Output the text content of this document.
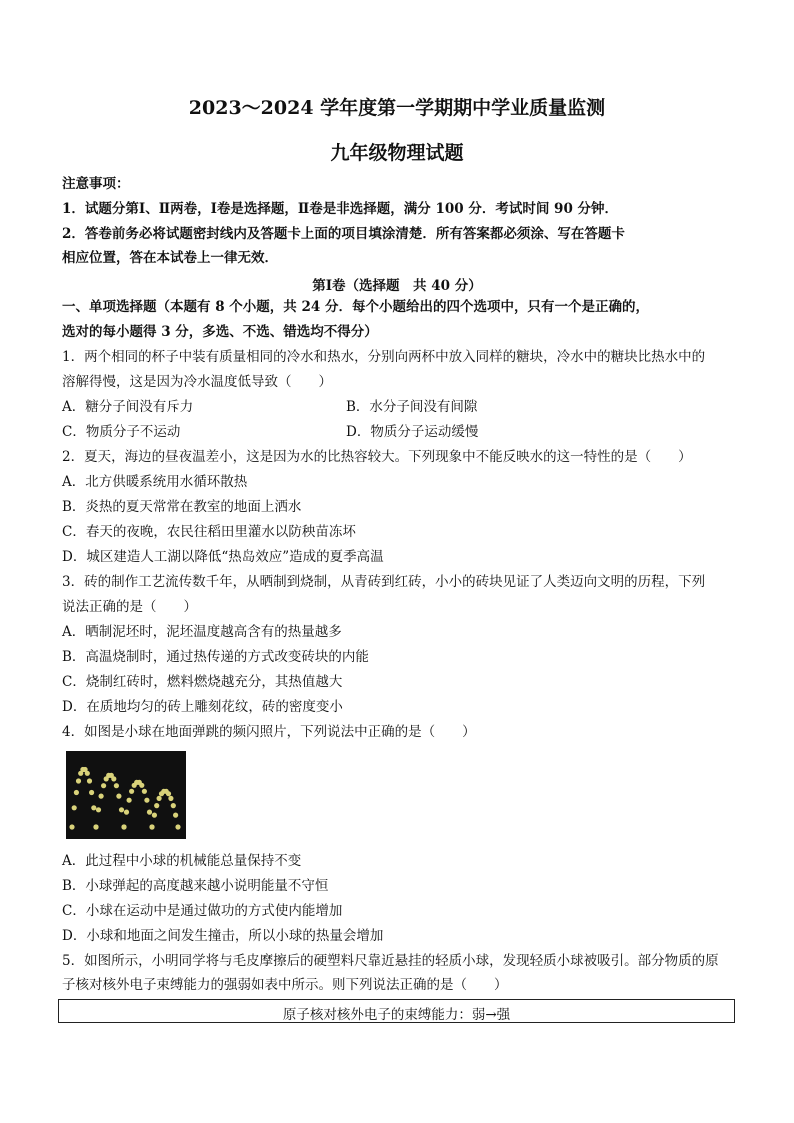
2023～2024 学年度第一学期期中学业质量监测
九年级物理试题
注意事项：
1．试题分第Ⅰ、Ⅱ两卷，Ⅰ卷是选择题，Ⅱ卷是非选择题，满分 100 分．考试时间 90 分钟．
2．答卷前务必将试题密封线内及答题卡上面的项目填涂清楚．所有答案都必须涂、写在答题卡
相应位置，答在本试卷上一律无效．
第Ⅰ卷（选择题　共 40 分）
一、单项选择题（本题有 8 个小题，共 24 分．每个小题给出的四个选项中，只有一个是正确的，
选对的每小题得 3 分，多选、不选、错选均不得分）
1．两个相同的杯子中装有质量相同的冷水和热水，分别向两杯中放入同样的糖块，冷水中的糖块比热水中的
溶解得慢，这是因为冷水温度低导致（　　）
A．糖分子间没有斥力	B．水分子间没有间隙
C．物质分子不运动	D．物质分子运动缓慢
2．夏天，海边的昼夜温差小，这是因为水的比热容较大。下列现象中不能反映水的这一特性的是（　　）
A．北方供暖系统用水循环散热
B．炎热的夏天常常在教室的地面上洒水
C．春天的夜晚，农民往稻田里灌水以防秧苗冻坏
D．城区建造人工湖以降低“热岛效应”造成的夏季高温
3．砖的制作工艺流传数千年，从晒制到烧制，从青砖到红砖，小小的砖块见证了人类迈向文明的历程，下列
说法正确的是（　　）
A．晒制泥坯时，泥坯温度越高含有的热量越多
B．高温烧制时，通过热传递的方式改变砖块的内能
C．烧制红砖时，燃料燃烧越充分，其热值越大
D．在质地均匀的砖上雕刻花纹，砖的密度变小
4．如图是小球在地面弹跳的频闪照片，下列说法中正确的是（　　）
A．此过程中小球的机械能总量保持不变
B．小球弹起的高度越来越小说明能量不守恒
C．小球在运动中是通过做功的方式使内能增加
D．小球和地面之间发生撞击，所以小球的热量会增加
5．如图所示，小明同学将与毛皮摩擦后的硬塑料尺靠近悬挂的轻质小球，发现轻质小球被吸引。部分物质的原
子核对核外电子束缚能力的强弱如表中所示。则下列说法正确的是（　　）
原子核对核外电子的束缚能力：弱→强
